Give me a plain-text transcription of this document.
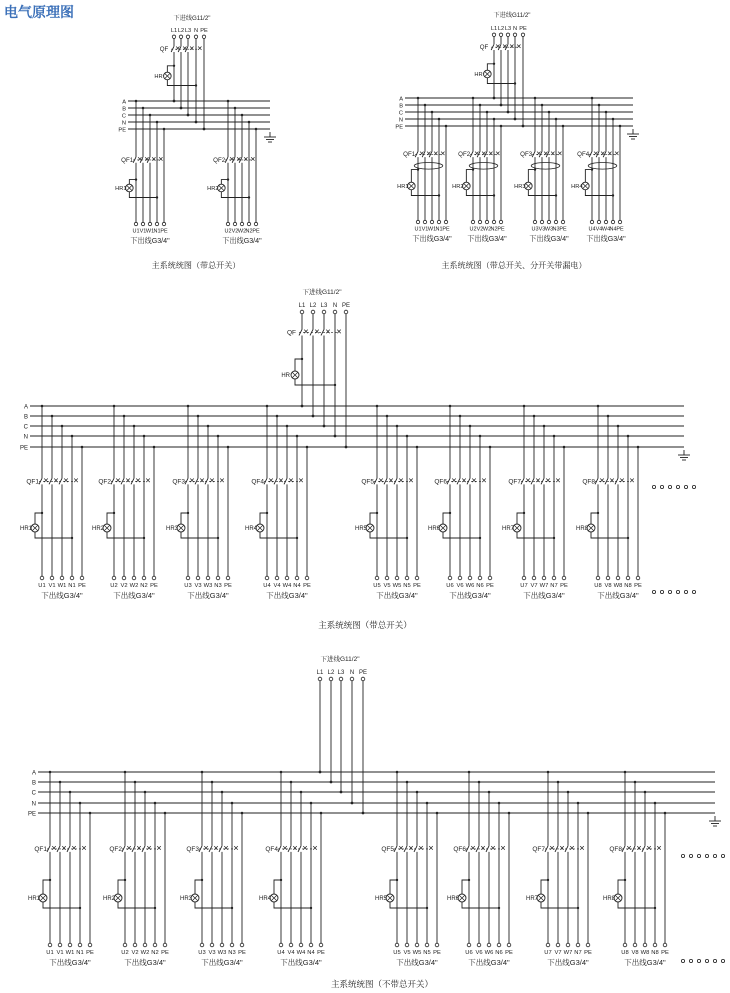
电气原理图
A
B
C
N
PE
下进线G11/2"
L1 L2 L3 N PE
QF
HR
QF1
HR1
U1 V1 W1 N1 PE
下出线G3/4"
QF2
HR2
U2 V2 W2 N2 PE
下出线G3/4"
主系统统图（带总开关）
A
B
C
N
PE
下进线G11/2"
L1 L2 L3 N PE
QF
HR
QF1
HR1
U1 V1 W1 N1 PE
下出线G3/4"
QF2
HR2
U2 V2 W2 N2 PE
下出线G3/4"
QF3
HR3
U3 V3 W3 N3 PE
下出线G3/4"
QF4
HR4
U4 V4 W4 N4 PE
下出线G3/4"
主系统统图（带总开关、分开关带漏电）
A
B
C
N
PE
下进线G11/2"
L1 L2 L3 N PE
QF
HR
QF1
HR1
U1 V1 W1 N1 PE
下出线G3/4"
QF2
HR2
U2 V2 W2 N2 PE
下出线G3/4"
QF3
HR3
U3 V3 W3 N3 PE
下出线G3/4"
QF4
HR4
U4 V4 W4 N4 PE
下出线G3/4"
QF5
HR5
U5 V5 W5 N5 PE
下出线G3/4"
QF6
HR6
U6 V6 W6 N6 PE
下出线G3/4"
QF7
HR7
U7 V7 W7 N7 PE
下出线G3/4"
QF8
HR8
U8 V8 W8 N8 PE
下出线G3/4"
主系统统图（带总开关）
A
B
C
N
PE
下进线G11/2"
L1 L2 L3 N PE
QF1
HR1
U1 V1 W1 N1 PE
下出线G3/4"
QF2
HR2
U2 V2 W2 N2 PE
下出线G3/4"
QF3
HR3
U3 V3 W3 N3 PE
下出线G3/4"
QF4
HR4
U4 V4 W4 N4 PE
下出线G3/4"
QF5
HR5
U5 V5 W5 N5 PE
下出线G3/4"
QF6
HR6
U6 V6 W6 N6 PE
下出线G3/4"
QF7
HR7
U7 V7 W7 N7 PE
下出线G3/4"
QF8
HR8
U8 V8 W8 N8 PE
下出线G3/4"
主系统统图（不带总开关）
